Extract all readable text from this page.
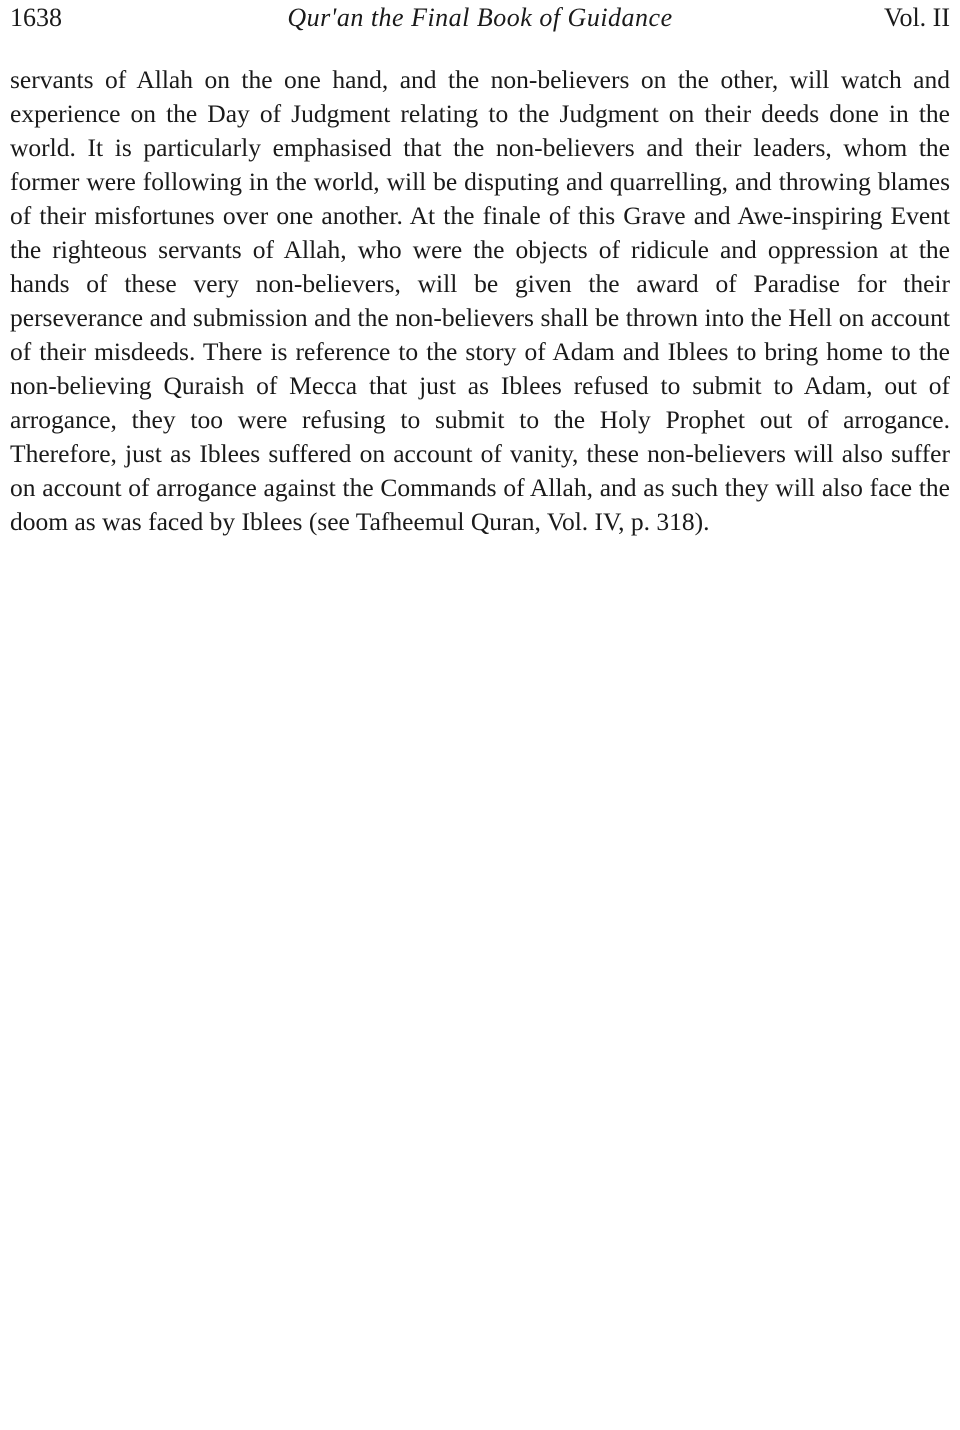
1638	Qur'an the Final Book of Guidance	Vol. II

servants of Allah on the one hand, and the non-believers on the other, will watch and experience on the Day of Judgment relating to the Judgment on their deeds done in the world. It is particularly emphasised that the non-believers and their leaders, whom the former were following in the world, will be disputing and quarrelling, and throwing blames of their misfortunes over one another. At the finale of this Grave and Awe-inspiring Event the righteous servants of Allah, who were the objects of ridicule and oppression at the hands of these very non-believers, will be given the award of Paradise for their perseverance and submission and the non-believers shall be thrown into the Hell on account of their misdeeds. There is reference to the story of Adam and Iblees to bring home to the non-believing Quraish of Mecca that just as Iblees refused to submit to Adam, out of arrogance, they too were refusing to submit to the Holy Prophet out of arrogance. Therefore, just as Iblees suffered on account of vanity, these non-believers will also suffer on account of arrogance against the Commands of Allah, and as such they will also face the doom as was faced by Iblees (see Tafheemul Quran, Vol. IV, p. 318).
